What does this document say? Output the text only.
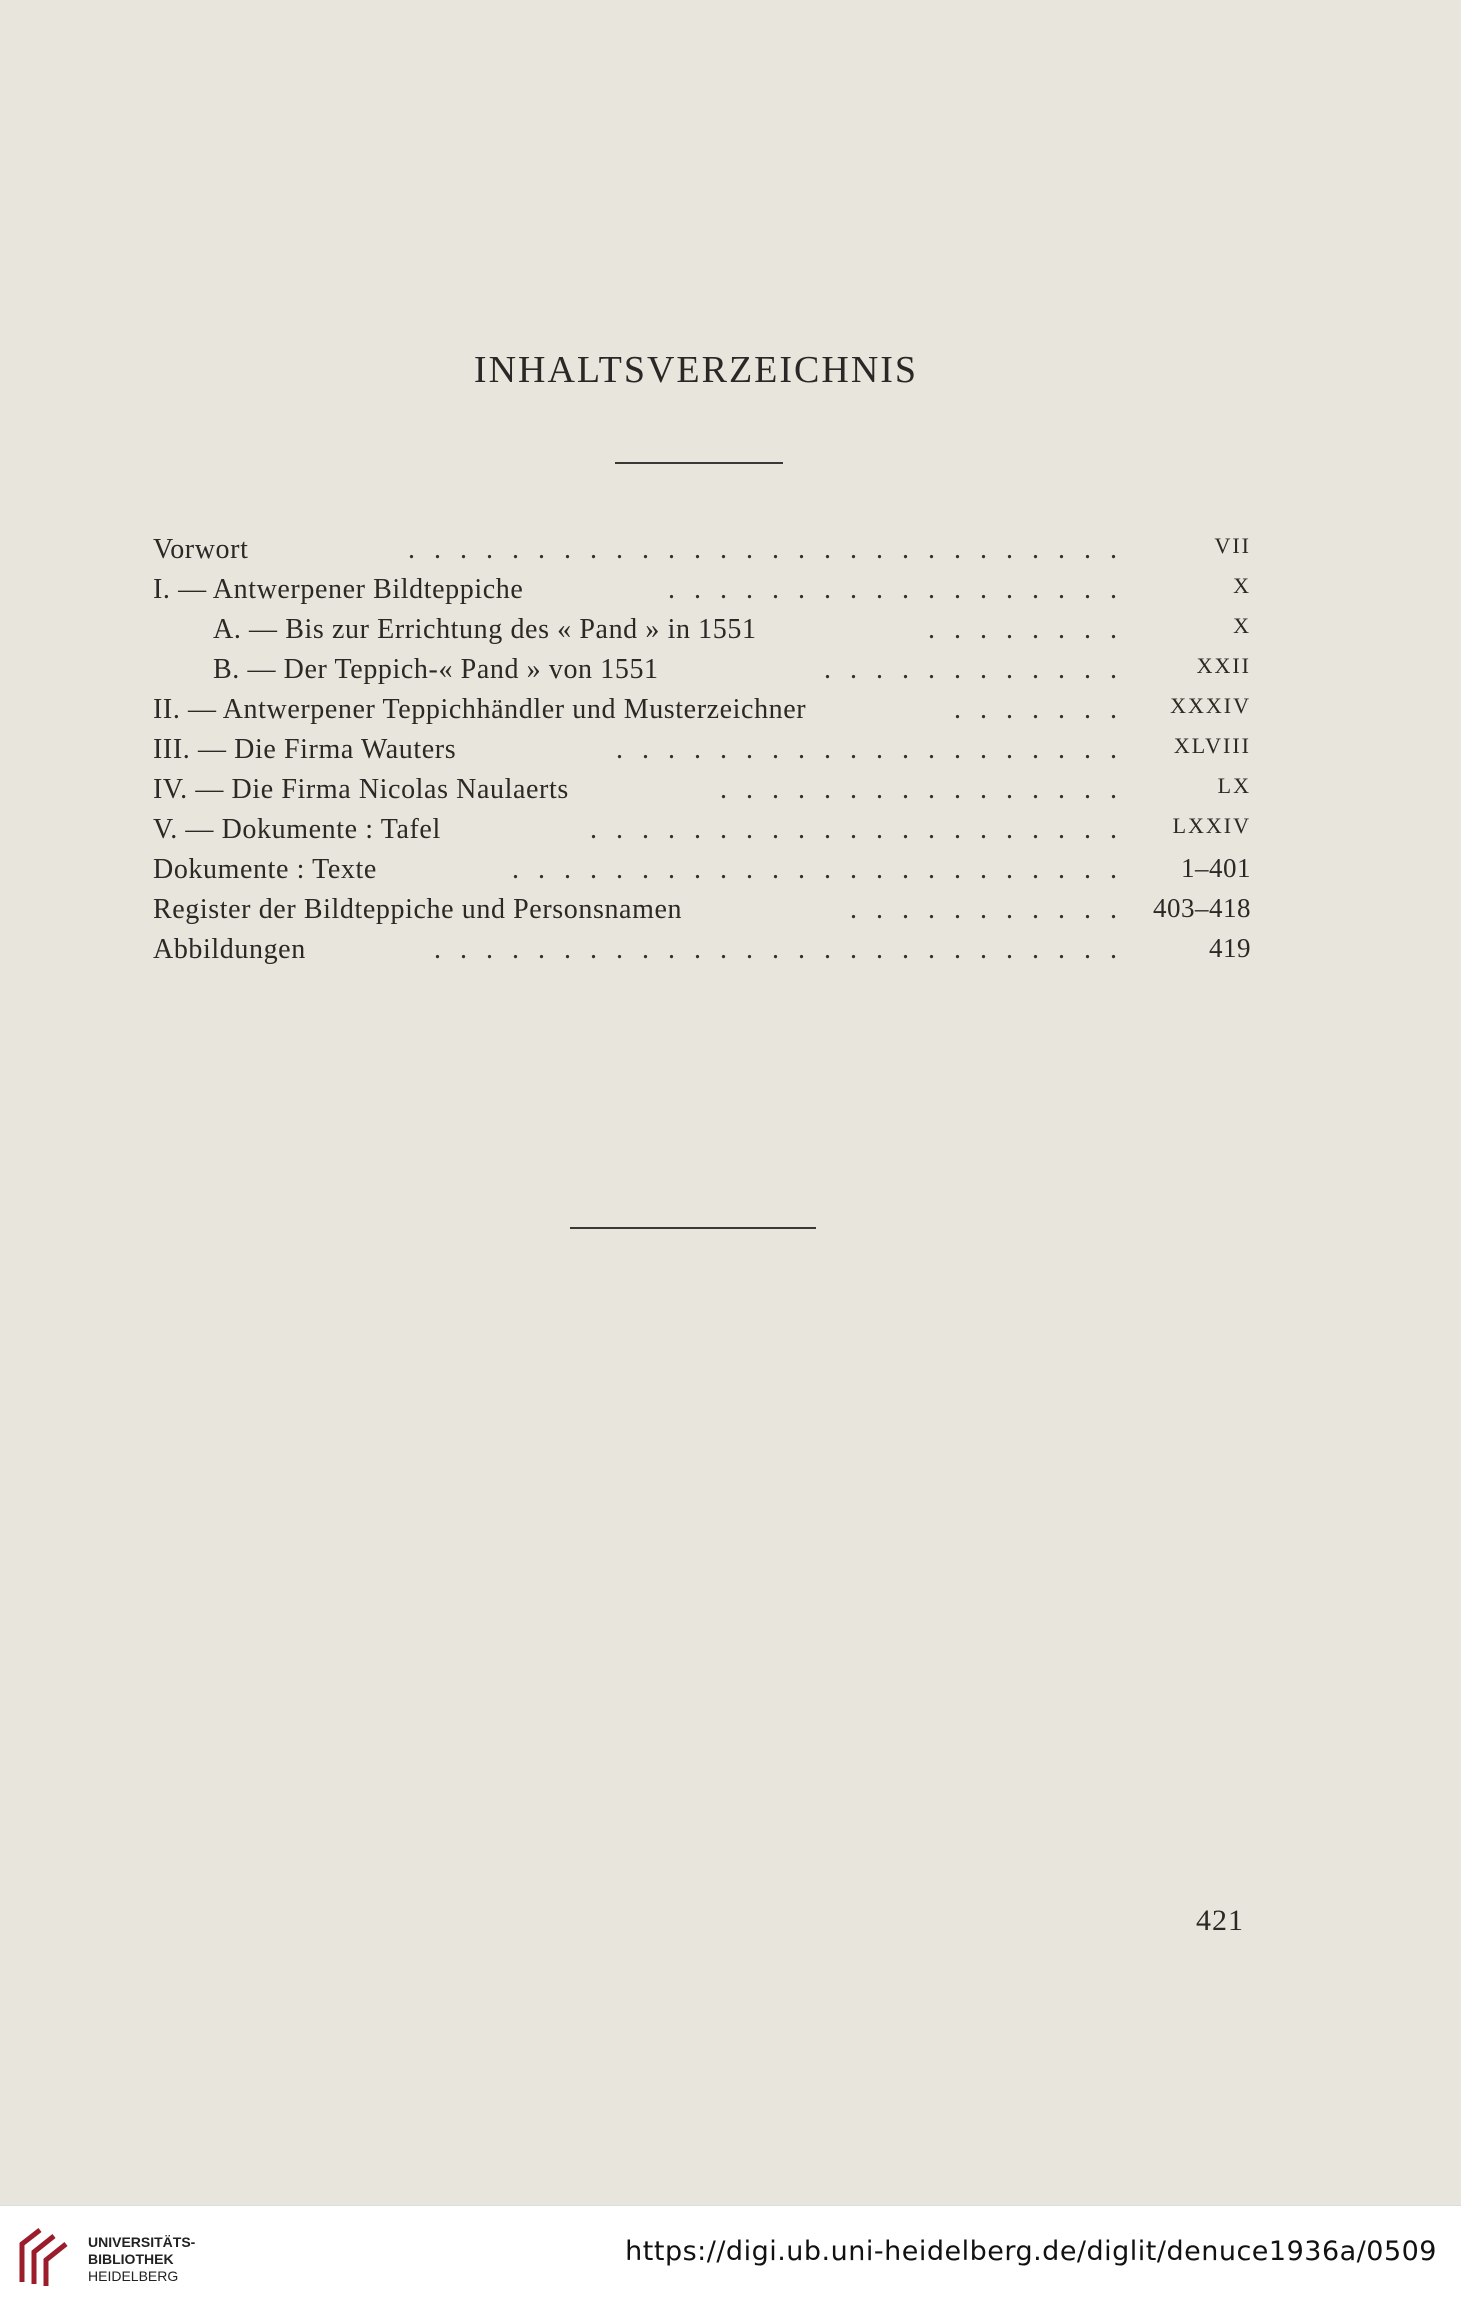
INHALTSVERZEICHNIS
Vorwort	. . . . . . . . . . . . . . . . . . . . . . . . . . . .	VII
I. — Antwerpener Bildteppiche	. . . . . . . . . . . . . . . . . .	X
A. — Bis zur Errichtung des « Pand » in 1551	. . . . . . . .	X
B. — Der Teppich-« Pand » von 1551	. . . . . . . . . . . .	XXII
II. — Antwerpener Teppichhändler und Musterzeichner	. . . . . . . XXXIV
III. — Die Firma Wauters	. . . . . . . . . . . . . . . . . . . . XLVIII
IV. — Die Firma Nicolas Naulaerts	. . . . . . . . . . . . . . . .	LX
V. — Dokumente : Tafel	. . . . . . . . . . . . . . . . . . . . . LXXIV
Dokumente : Texte	. . . . . . . . . . . . . . . . . . . . . . . . 1–401
Register der Bildteppiche und Personsnamen	. . . . . . . . . . . 403–418
Abbildungen	. . . . . . . . . . . . . . . . . . . . . . . . . . .	419
421
UNIVERSITÄTS-
BIBLIOTHEK
HEIDELBERG
https://digi.ub.uni-heidelberg.de/diglit/denuce1936a/0509
